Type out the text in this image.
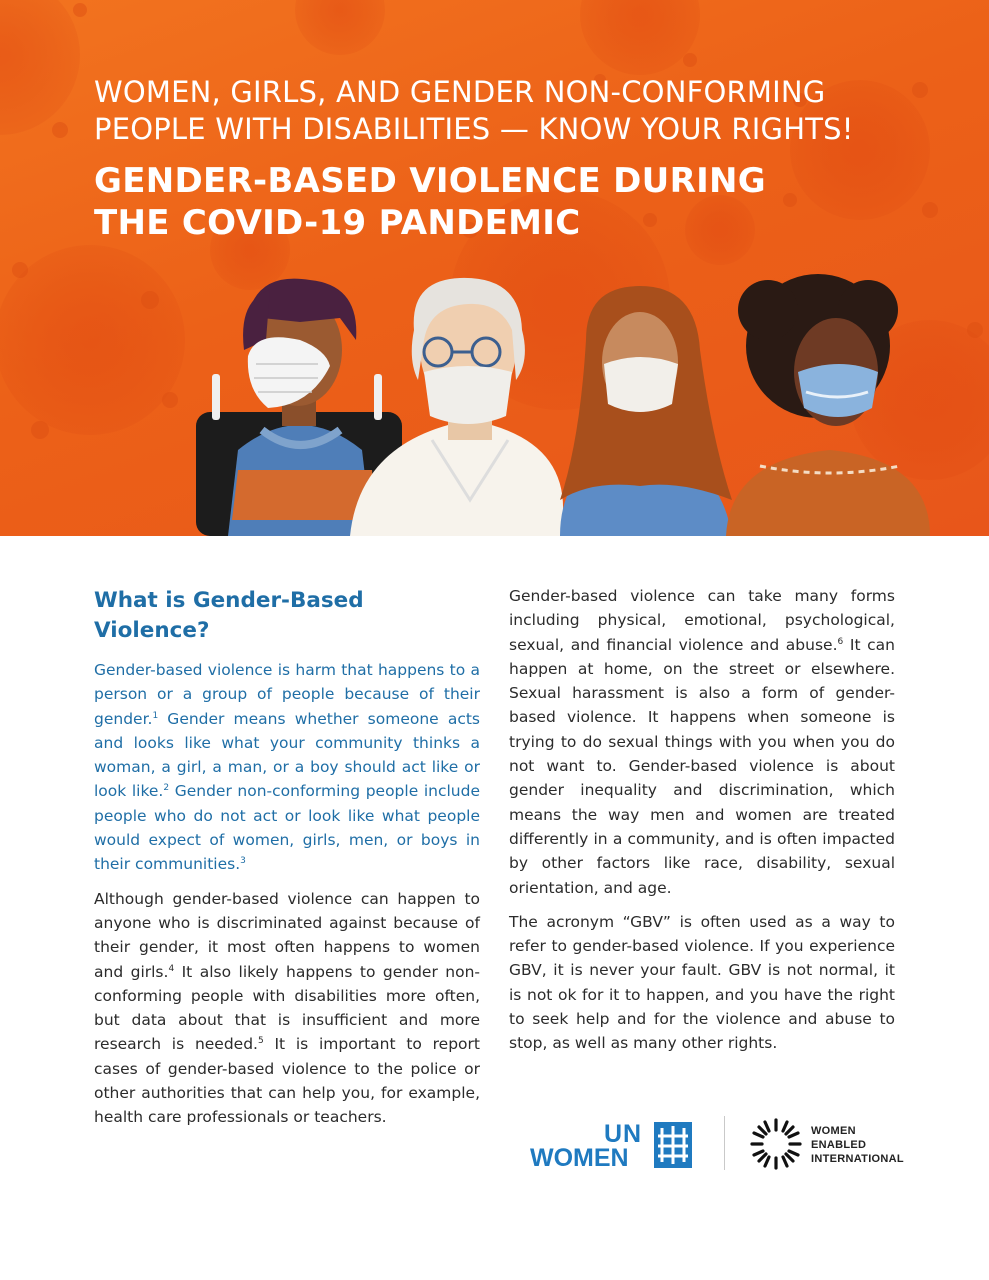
WOMEN, GIRLS, AND GENDER NON-CONFORMING
PEOPLE WITH DISABILITIES — KNOW YOUR RIGHTS!
GENDER-BASED VIOLENCE DURING
THE COVID-19 PANDEMIC
What is Gender-Based Violence?

Gender-based violence is harm that happens to a person or a group of people because of their gender.$^1$ Gender means whether someone acts and looks like what your community thinks a woman, a girl, a man, or a boy should act like or look like.$^2$ Gender non-conforming people include people who do not act or look like what people would expect of women, girls, men, or boys in their communities.$^3$

Although gender-based violence can happen to anyone who is discriminated against because of their gender, it most often happens to women and girls.$^4$ It also likely happens to gender non-conforming people with disabilities more often, but data about that is insufficient and more research is needed.$^5$ It is important to report cases of gender-based violence to the police or other authorities that can help you, for example, health care professionals or teachers.

Gender-based violence can take many forms including physical, emotional, psychological, sexual, and financial violence and abuse.$^6$ It can happen at home, on the street or elsewhere. Sexual harassment is also a form of gender-based violence. It happens when someone is trying to do sexual things with you when you do not want to. Gender-based violence is about gender inequality and discrimination, which means the way men and women are treated differently in a community, and is often impacted by other factors like race, disability, sexual orientation, and age.

The acronym “GBV” is often used as a way to refer to gender-based violence. If you experience GBV, it is never your fault. GBV is not normal, it is not ok for it to happen, and you have the right to seek help and for the violence and abuse to stop, as well as many other rights.

UN
WOMEN
WOMEN
ENABLED
INTERNATIONAL
